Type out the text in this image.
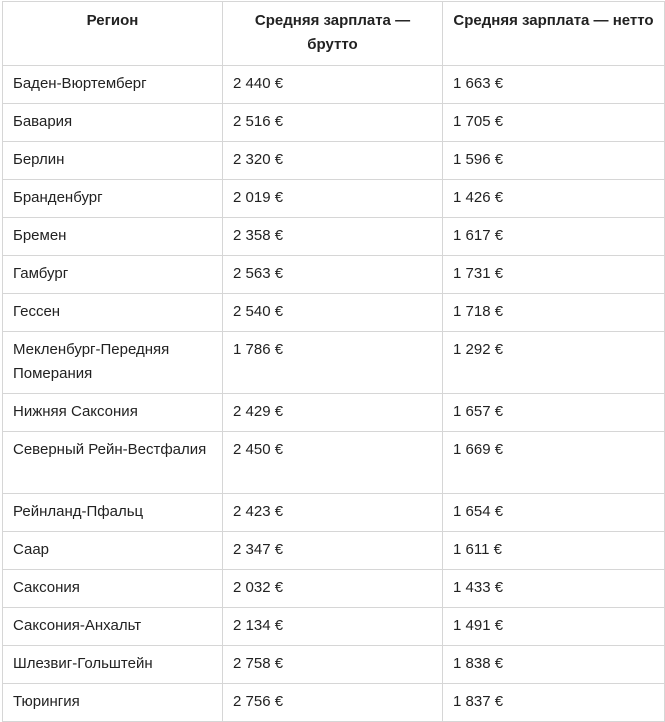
Регион	Средняя зарплата — брутто	Средняя зарплата — нетто
Баден-Вюртемберг	2 440 €	1 663 €
Бавария	2 516 €	1 705 €
Берлин	2 320 €	1 596 €
Бранденбург	2 019 €	1 426 €
Бремен	2 358 €	1 617 €
Гамбург	2 563 €	1 731 €
Гессен	2 540 €	1 718 €
Мекленбург-Передняя Померания	1 786 €	1 292 €
Нижняя Саксония	2 429 €	1 657 €
Северный Рейн-Вестфалия	2 450 €	1 669 €
Рейнланд-Пфальц	2 423 €	1 654 €
Саар	2 347 €	1 611 €
Саксония	2 032 €	1 433 €
Саксония-Анхальт	2 134 €	1 491 €
Шлезвиг-Гольштейн	2 758 €	1 838 €
Тюрингия	2 756 €	1 837 €
